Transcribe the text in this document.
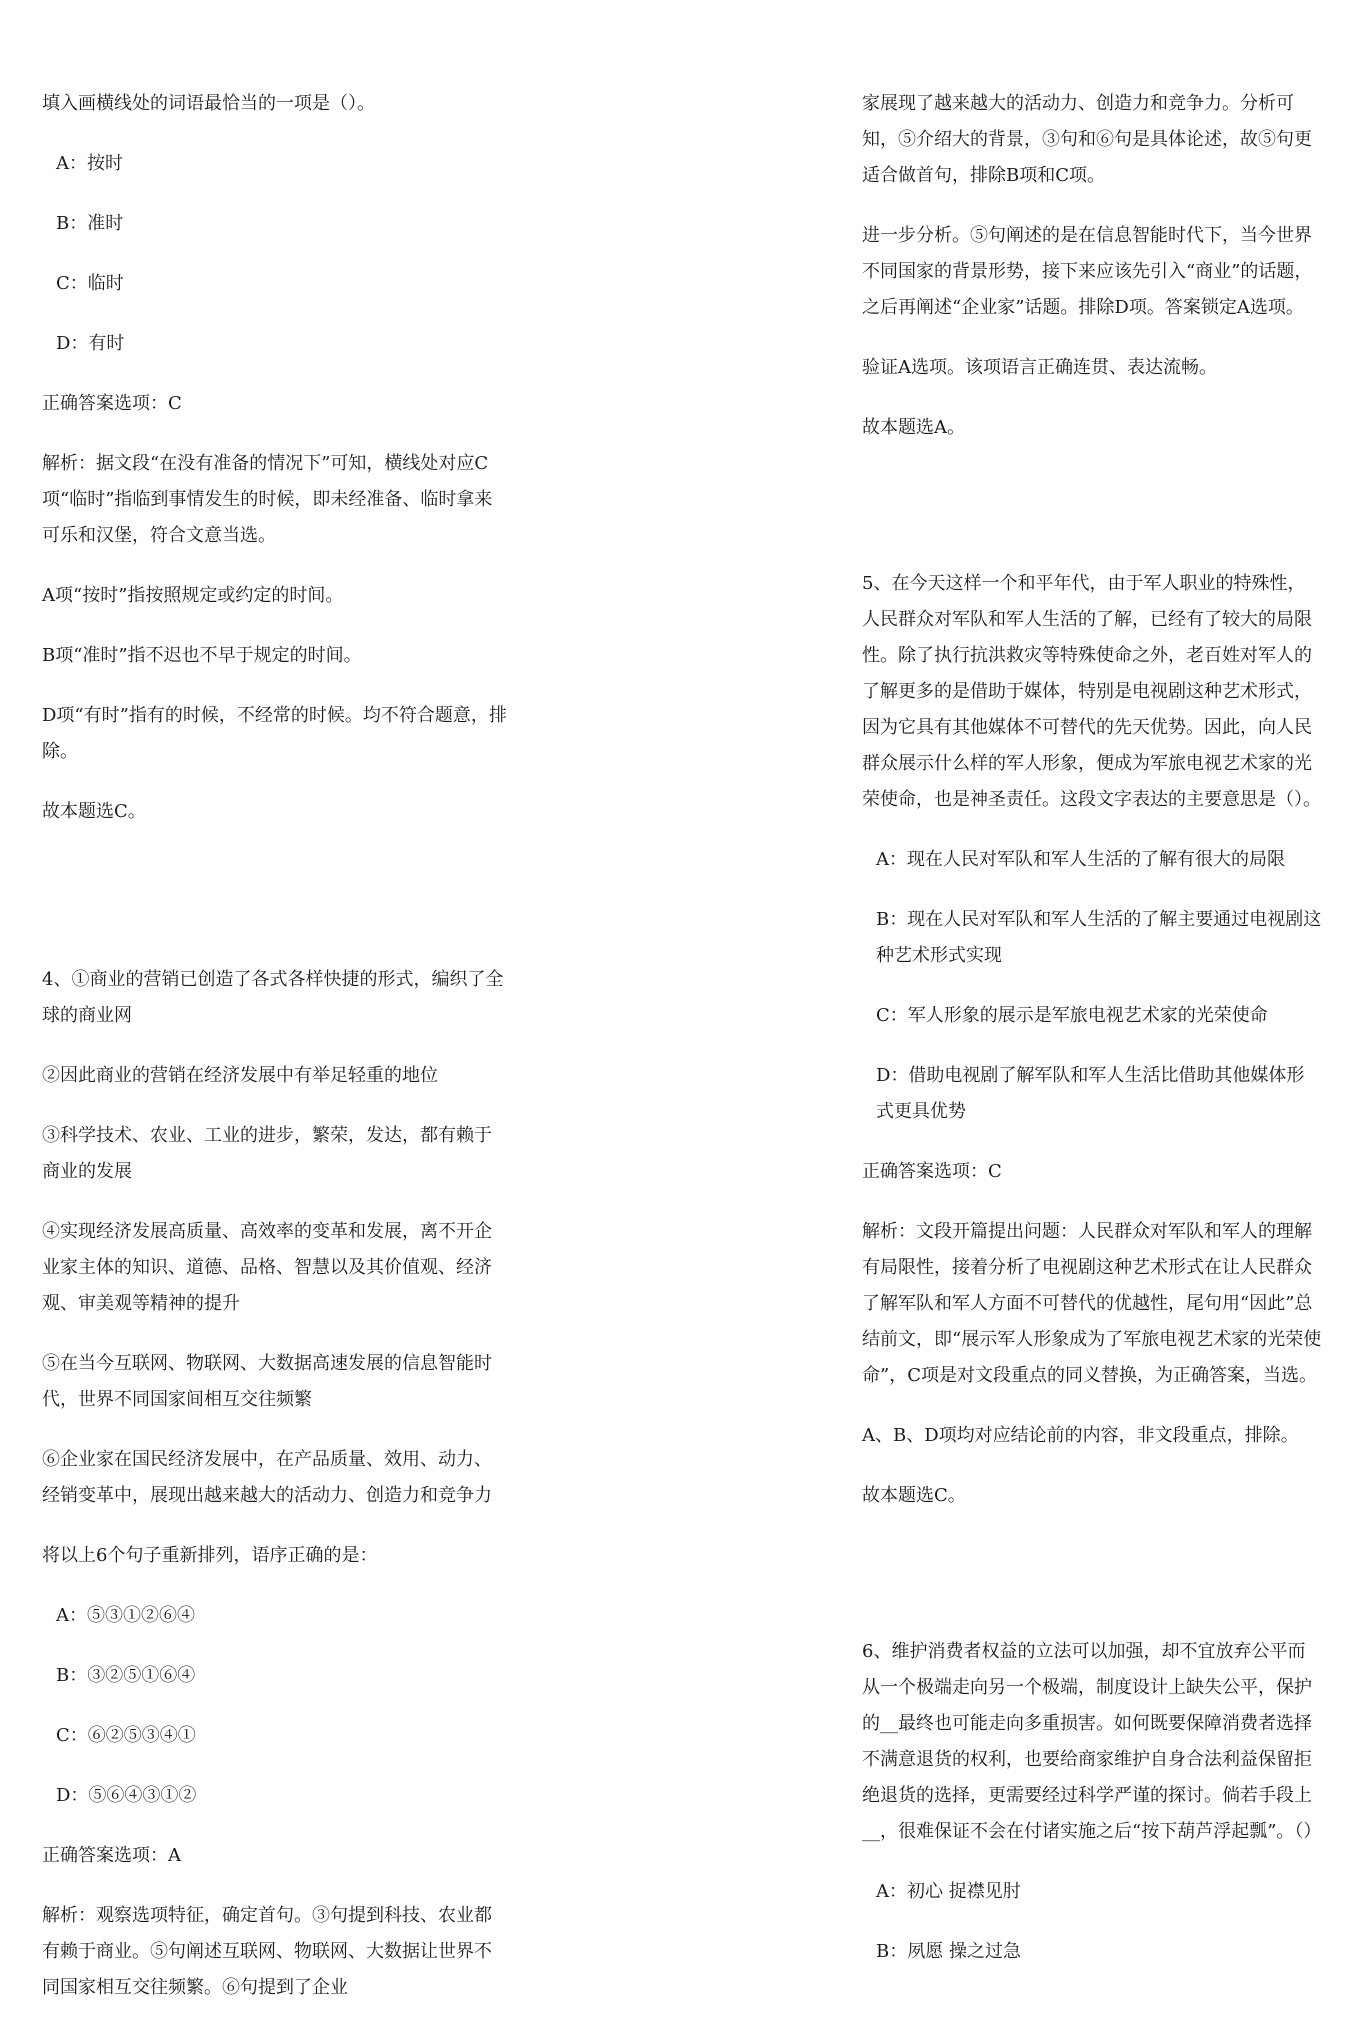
填入画横线处的词语最恰当的一项是（）。

A：按时

B：准时

C：临时

D：有时

正确答案选项：C

解析：据文段“在没有准备的情况下”可知，横线处对应C项“临时”指临到事情发生的时候，即未经准备、临时拿来可乐和汉堡，符合文意当选。

A项“按时”指按照规定或约定的时间。

B项“准时”指不迟也不早于规定的时间。

D项“有时”指有的时候，不经常的时候。均不符合题意，排除。

故本题选C。

4、①商业的营销已创造了各式各样快捷的形式，编织了全球的商业网

②因此商业的营销在经济发展中有举足轻重的地位

③科学技术、农业、工业的进步，繁荣，发达，都有赖于商业的发展

④实现经济发展高质量、高效率的变革和发展，离不开企业家主体的知识、道德、品格、智慧以及其价值观、经济观、审美观等精神的提升

⑤在当今互联网、物联网、大数据高速发展的信息智能时代，世界不同国家间相互交往频繁

⑥企业家在国民经济发展中，在产品质量、效用、动力、经销变革中，展现出越来越大的活动力、创造力和竞争力

将以上6个句子重新排列，语序正确的是：

A：⑤③①②⑥④

B：③②⑤①⑥④

C：⑥②⑤③④①

D：⑤⑥④③①②

正确答案选项：A

解析：观察选项特征，确定首句。③句提到科技、农业都有赖于商业。⑤句阐述互联网、物联网、大数据让世界不同国家相互交往频繁。⑥句提到了企业

家展现了越来越大的活动力、创造力和竞争力。分析可知，⑤介绍大的背景，③句和⑥句是具体论述，故⑤句更适合做首句，排除B项和C项。

进一步分析。⑤句阐述的是在信息智能时代下，当今世界不同国家的背景形势，接下来应该先引入“商业”的话题，之后再阐述“企业家”话题。排除D项。答案锁定A选项。

验证A选项。该项语言正确连贯、表达流畅。

故本题选A。

5、在今天这样一个和平年代，由于军人职业的特殊性，人民群众对军队和军人生活的了解，已经有了较大的局限性。除了执行抗洪救灾等特殊使命之外，老百姓对军人的了解更多的是借助于媒体，特别是电视剧这种艺术形式，因为它具有其他媒体不可替代的先天优势。因此，向人民群众展示什么样的军人形象，便成为军旅电视艺术家的光荣使命，也是神圣责任。这段文字表达的主要意思是（）。

A：现在人民对军队和军人生活的了解有很大的局限

B：现在人民对军队和军人生活的了解主要通过电视剧这种艺术形式实现

C：军人形象的展示是军旅电视艺术家的光荣使命

D：借助电视剧了解军队和军人生活比借助其他媒体形式更具优势

正确答案选项：C

解析：文段开篇提出问题：人民群众对军队和军人的理解有局限性，接着分析了电视剧这种艺术形式在让人民群众了解军队和军人方面不可替代的优越性，尾句用“因此”总结前文，即“展示军人形象成为了军旅电视艺术家的光荣使命”，C项是对文段重点的同义替换，为正确答案，当选。

A、B、D项均对应结论前的内容，非文段重点，排除。

故本题选C。

6、维护消费者权益的立法可以加强，却不宜放弃公平而从一个极端走向另一个极端，制度设计上缺失公平，保护的__最终也可能走向多重损害。如何既要保障消费者选择不满意退货的权利，也要给商家维护自身合法利益保留拒绝退货的选择，更需要经过科学严谨的探讨。倘若手段上__，很难保证不会在付诸实施之后“按下葫芦浮起瓢”。（）

A：初心 捉襟见肘

B：夙愿 操之过急
